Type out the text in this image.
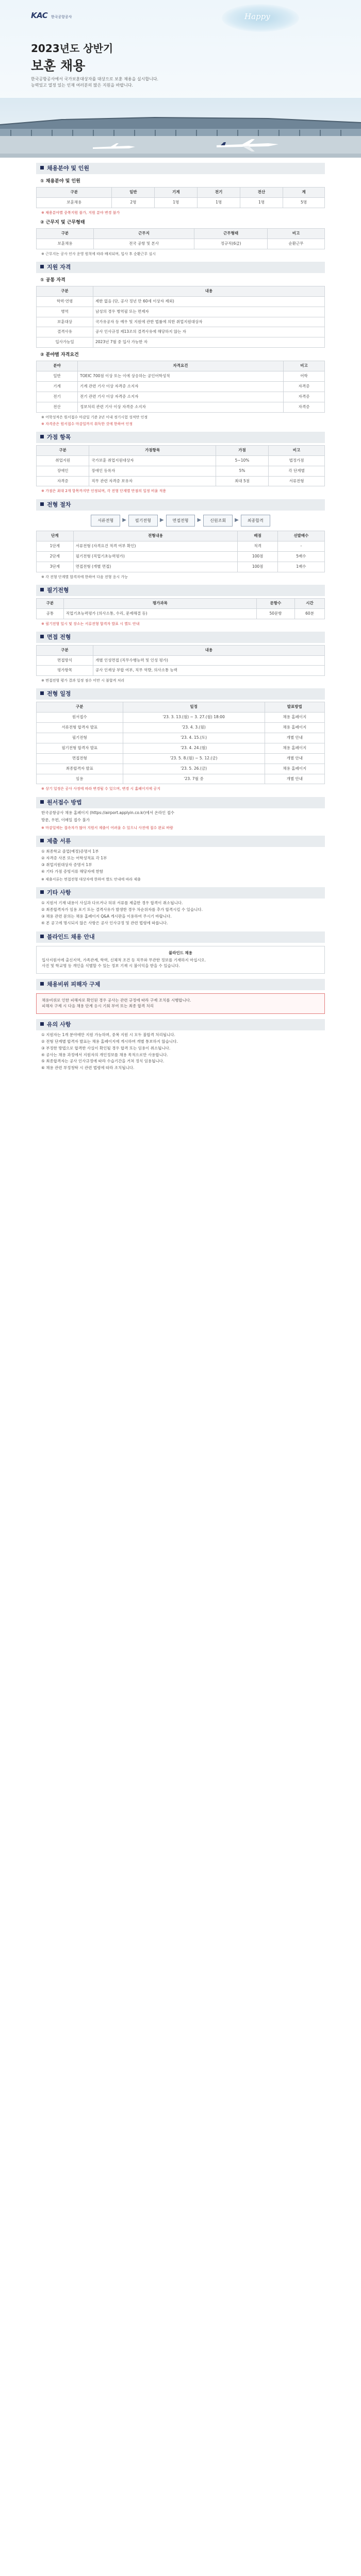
KAC 한국공항공사	Happy
2023년도 상반기
보훈 채용
한국공항공사에서 국가보훈대상자를 대상으로 보훈 채용을 실시합니다.
능력있고 열정 있는 인재 여러분의 많은 지원을 바랍니다.
채용분야 및 인원
① 채용분야 및 인원
구분	일반	기계	전기	전산	계
보훈채용	2명	1명	1명	1명	5명
※ 채용분야별 중복지원 불가, 지원 분야 변경 불가
② 근무지 및 근무형태
구분	근무지	근무형태	비고
보훈채용	전국 공항 및 본사	정규직(6급)	순환근무
※ 근무지는 공사 인사 운영 원칙에 따라 배치되며, 입사 후 순환근무 실시
지원 자격
① 공통 자격
구분	내용
학력·연령	제한 없음 (단, 공사 정년 만 60세 이상자 제외)
병역	남성의 경우 병역필 또는 면제자
보훈대상	국가유공자 등 예우 및 지원에 관한 법률에 의한 취업지원대상자
결격사유	공사 인사규정 제13조의 결격사유에 해당하지 않는 자
입사가능일	2023년 7월 중 입사 가능한 자
② 분야별 자격요건
분야	자격요건	비고
일반	TOEIC 700점 이상 또는 이에 상응하는 공인어학성적	어학
기계	기계 관련 기사 이상 자격증 소지자	자격증
전기	전기 관련 기사 이상 자격증 소지자	자격증
전산	정보처리 관련 기사 이상 자격증 소지자	자격증
※ 어학성적은 원서접수 마감일 기준 2년 이내 정기시험 성적만 인정
※ 자격증은 원서접수 마감일까지 취득한 것에 한하여 인정
가점 항목
구분	가점항목	가점	비고
취업지원	국가보훈 취업지원대상자	5~10%	법정가점
장애인	장애인 등록자	5%	각 단계별
자격증	직무 관련 자격증 보유자	최대 5점	서류전형
※ 가점은 최대 2개 항목까지만 인정되며, 각 전형 단계별 만점의 일정 비율 적용
전형 절차
서류전형	▶	필기전형	▶	면접전형	▶	신원조회	▶	최종합격
단계	전형내용	배점	선발배수
1단계	서류전형 (자격요건 적격 여부 확인)	적격	-
2단계	필기전형 (직업기초능력평가)	100점	5배수
3단계	면접전형 (개별 면접)	100점	1배수
※ 각 전형 단계별 합격자에 한하여 다음 전형 응시 가능
필기전형
구분	평가과목	문항수	시간
공통	직업기초능력평가 (의사소통, 수리, 문제해결 등)	50문항	60분
※ 필기전형 일시 및 장소는 서류전형 합격자 발표 시 별도 안내
면접 전형
구분	내용
면접방식	개별 인성면접 (직무수행능력 및 인성 평가)
평가항목	공사 인재상 부합 여부, 직무 역량, 의사소통 능력
※ 면접전형 평가 결과 일정 점수 미만 시 불합격 처리
전형 일정
구분	일정	발표방법
원서접수	'23. 3. 13.(월) ~ 3. 27.(월) 18:00	채용 홈페이지
서류전형 합격자 발표	'23. 4. 3.(월)	채용 홈페이지
필기전형	'23. 4. 15.(토)	개별 안내
필기전형 합격자 발표	'23. 4. 24.(월)	채용 홈페이지
면접전형	'23. 5. 8.(월) ~ 5. 12.(금)	개별 안내
최종합격자 발표	'23. 5. 26.(금)	채용 홈페이지
임용	'23. 7월 중	개별 안내
※ 상기 일정은 공사 사정에 따라 변경될 수 있으며, 변경 시 홈페이지에 공지
원서접수 방법
한국공항공사 채용 홈페이지 (https://airport.applyin.co.kr)에서 온라인 접수
방문, 우편, 이메일 접수 불가
※ 마감일에는 접속자가 많아 지원서 제출이 어려울 수 있으니 사전에 접수 완료 바람
제출 서류
① 최종학교 졸업(예정)증명서 1부
② 자격증 사본 또는 어학성적표 각 1부
③ 취업지원대상자 증명서 1부
④ 기타 가점 증빙서류 해당자에 한함
※ 제출서류는 면접전형 대상자에 한하여 별도 안내에 따라 제출
기타 사항
① 지원서 기재 내용이 사실과 다르거나 허위 서류를 제출한 경우 합격이 취소됩니다.
② 최종합격자가 임용 포기 또는 결격사유가 발생한 경우 차순위자를 추가 합격시킬 수 있습니다.
③ 채용 관련 문의는 채용 홈페이지 Q&A 게시판을 이용하여 주시기 바랍니다.
④ 본 공고에 명시되지 않은 사항은 공사 인사규정 및 관련 법령에 따릅니다.
블라인드 채용 안내
블라인드 채용
입사지원서에 출신지역, 가족관계, 학력, 신체적 조건 등 직무와 무관한 정보를 기재하지 마십시오.
사진 및 학교명 등 개인을 식별할 수 있는 정보 기재 시 불이익을 받을 수 있습니다.
채용비위 피해자 구제
채용비위로 인한 피해자로 확인된 경우 공사는 관련 규정에 따라 구제 조치를 시행합니다.
피해자 구제 시 다음 채용 단계 응시 기회 부여 또는 최종 합격 처리
유의 사항
① 지원자는 1개 분야에만 지원 가능하며, 중복 지원 시 모두 불합격 처리됩니다.
② 전형 단계별 합격자 발표는 채용 홈페이지에 게시하며 개별 통보하지 않습니다.
③ 부정한 방법으로 합격한 사실이 확인될 경우 합격 또는 임용이 취소됩니다.
④ 공사는 채용 과정에서 지원자의 개인정보를 채용 목적으로만 사용합니다.
⑤ 최종합격자는 공사 인사규정에 따라 수습기간을 거쳐 정식 임용됩니다.
⑥ 채용 관련 부정청탁 시 관련 법령에 따라 조치됩니다.
